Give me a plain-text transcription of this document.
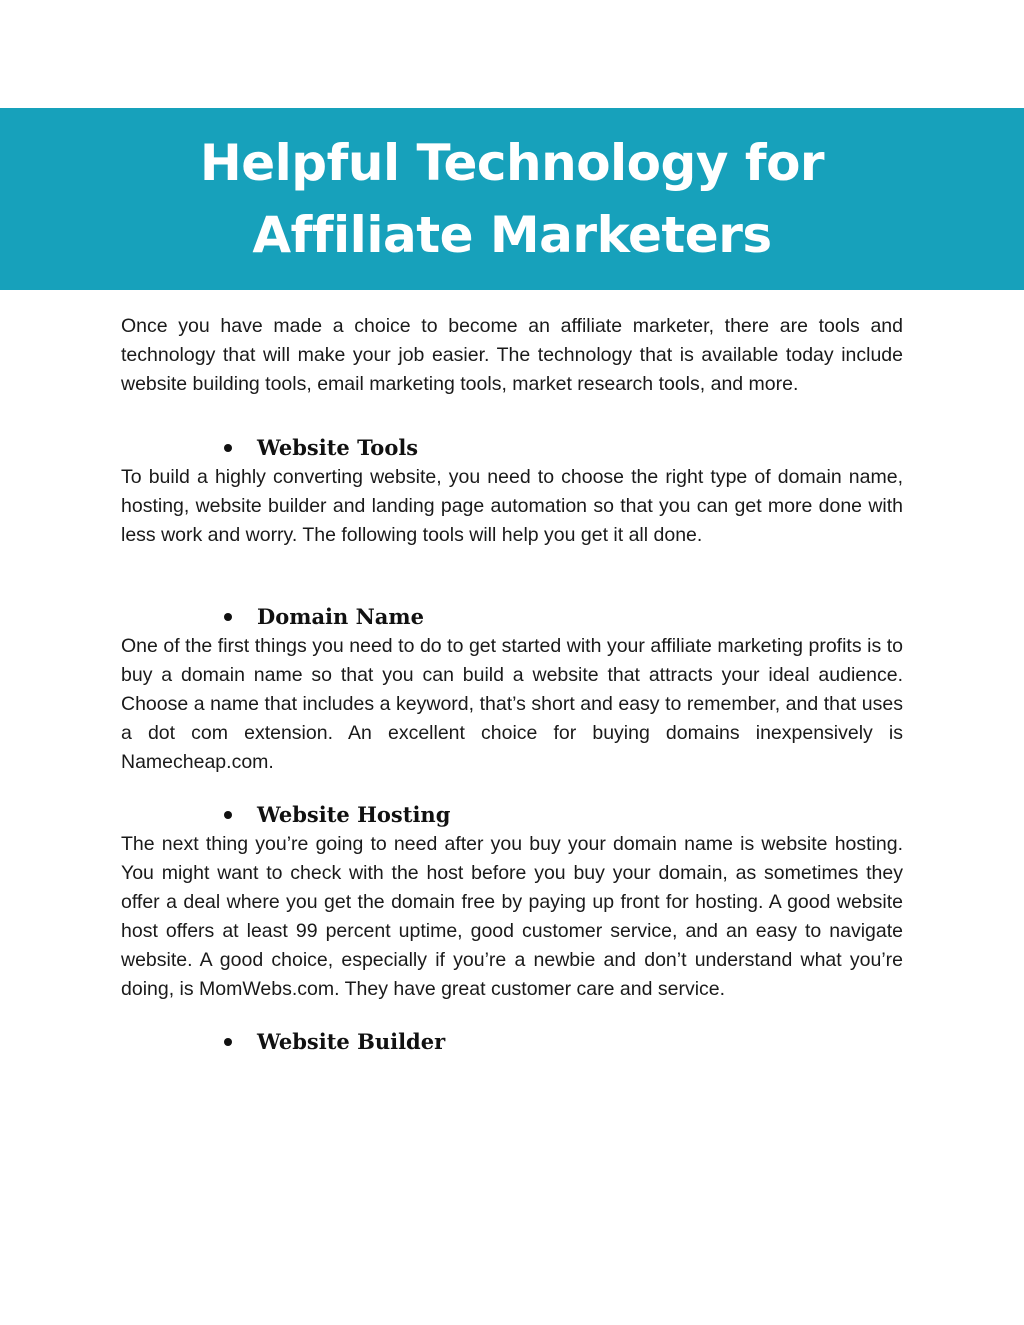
Helpful Technology for Affiliate Marketers

Once you have made a choice to become an affiliate marketer, there are tools and technology that will make your job easier. The technology that is available today include website building tools, email marketing tools, market research tools, and more.

Website Tools

To build a highly converting website, you need to choose the right type of domain name, hosting, website builder and landing page automation so that you can get more done with less work and worry. The following tools will help you get it all done.

Domain Name

One of the first things you need to do to get started with your affiliate marketing profits is to buy a domain name so that you can build a website that attracts your ideal audience. Choose a name that includes a keyword, that’s short and easy to remember, and that uses a dot com extension. An excellent choice for buying domains inexpensively is Namecheap.com.

Website Hosting

The next thing you’re going to need after you buy your domain name is website hosting. You might want to check with the host before you buy your domain, as sometimes they offer a deal where you get the domain free by paying up front for hosting. A good website host offers at least 99 percent uptime, good customer service, and an easy to navigate website. A good choice, especially if you’re a newbie and don’t understand what you’re doing, is MomWebs.com. They have great customer care and service.

Website Builder
